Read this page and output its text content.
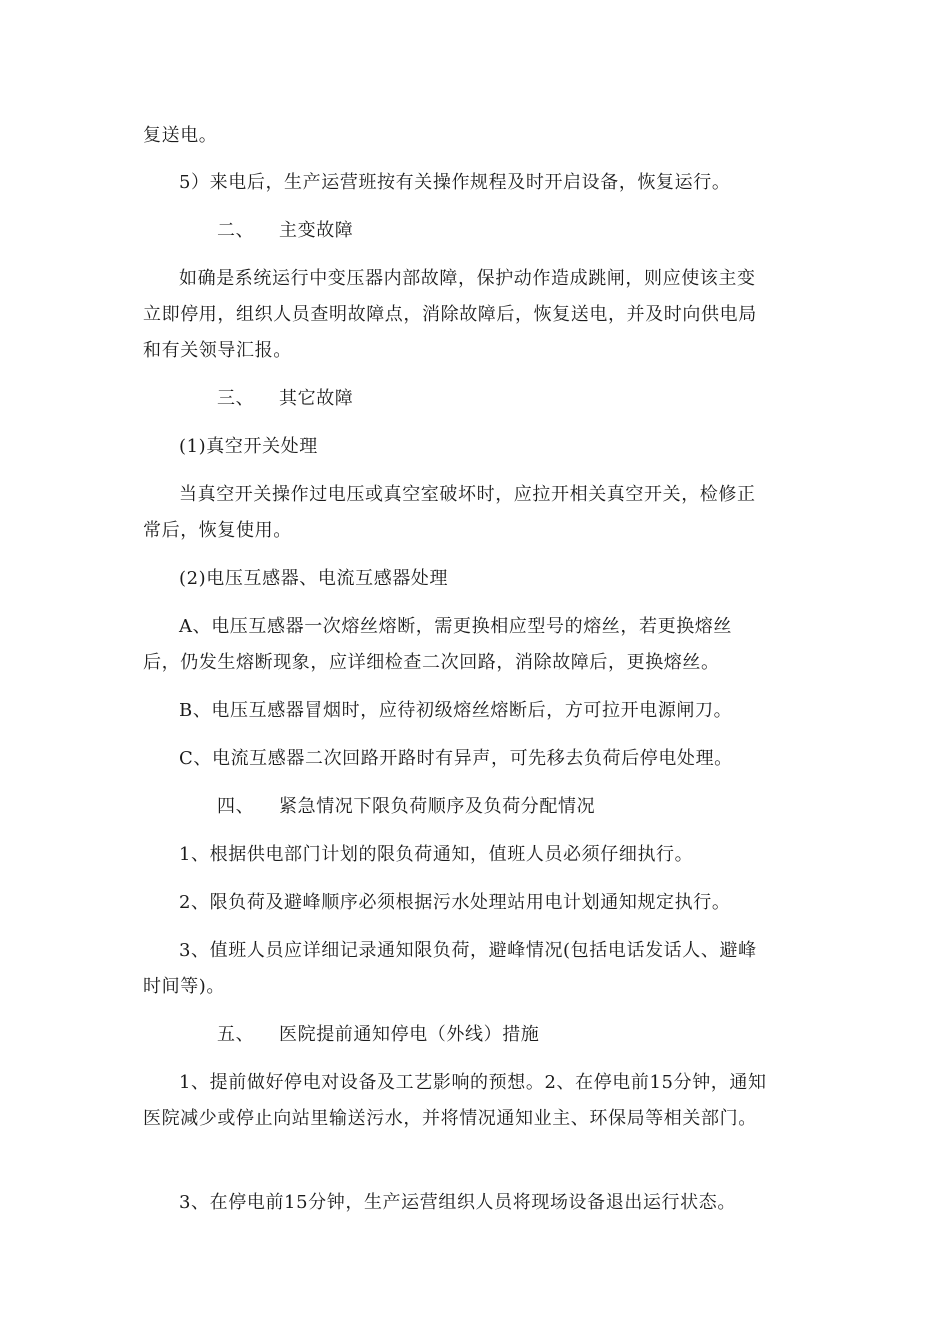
复送电。

5）来电后，生产运营班按有关操作规程及时开启设备，恢复运行。

二、 主变故障

如确是系统运行中变压器内部故障，保护动作造成跳闸，则应使该主变立即停用，组织人员查明故障点，消除故障后，恢复送电，并及时向供电局和有关领导汇报。

三、 其它故障

(1)真空开关处理

当真空开关操作过电压或真空室破坏时，应拉开相关真空开关，检修正常后，恢复使用。

(2)电压互感器、电流互感器处理

A、电压互感器一次熔丝熔断，需更换相应型号的熔丝，若更换熔丝后，仍发生熔断现象，应详细检查二次回路，消除故障后，更换熔丝。

B、电压互感器冒烟时，应待初级熔丝熔断后，方可拉开电源闸刀。

C、电流互感器二次回路开路时有异声，可先移去负荷后停电处理。

四、 紧急情况下限负荷顺序及负荷分配情况

1、根据供电部门计划的限负荷通知，值班人员必须仔细执行。

2、限负荷及避峰顺序必须根据污水处理站用电计划通知规定执行。

3、值班人员应详细记录通知限负荷，避峰情况(包括电话发话人、避峰时间等)。

五、 医院提前通知停电（外线）措施

1、提前做好停电对设备及工艺影响的预想。2、在停电前15分钟，通知医院减少或停止向站里输送污水，并将情况通知业主、环保局等相关部门。

3、在停电前15分钟，生产运营组织人员将现场设备退出运行状态。
